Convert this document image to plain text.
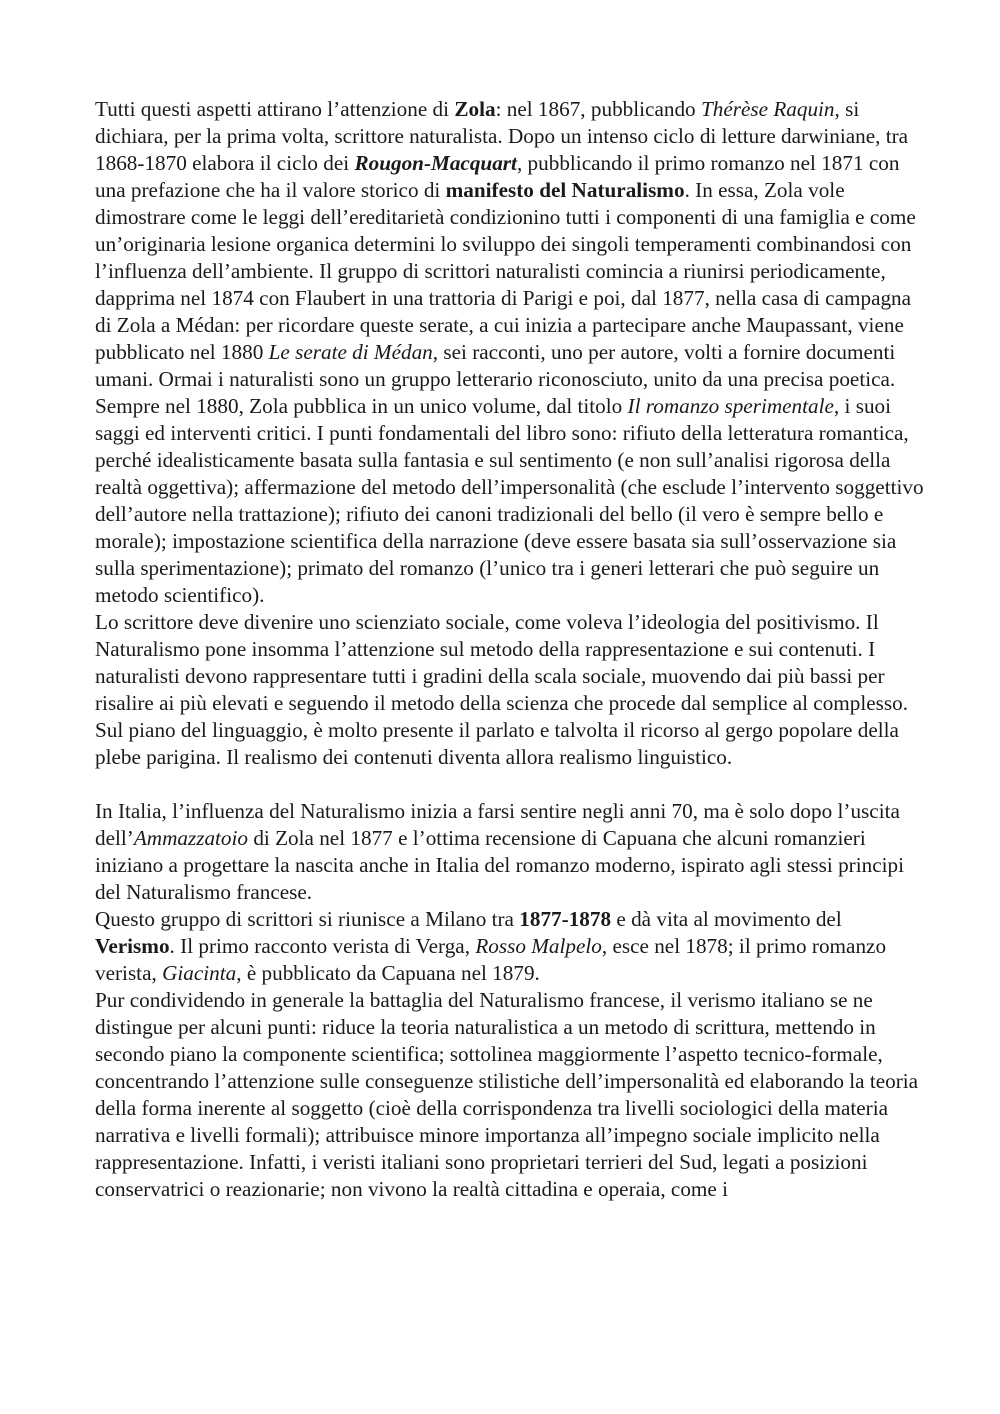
Tutti questi aspetti attirano l’attenzione di Zola: nel 1867, pubblicando Thérèse Raquin, si dichiara, per la prima volta, scrittore naturalista. Dopo un intenso ciclo di letture darwiniane, tra 1868-1870 elabora il ciclo dei Rougon-Macquart, pubblicando il primo romanzo nel 1871 con una prefazione che ha il valore storico di manifesto del Naturalismo. In essa, Zola vole dimostrare come le leggi dell’ereditarietà condizionino tutti i componenti di una famiglia e come un’originaria lesione organica determini lo sviluppo dei singoli temperamenti combinandosi con l’influenza dell’ambiente. Il gruppo di scrittori naturalisti comincia a riunirsi periodicamente, dapprima nel 1874 con Flaubert in una trattoria di Parigi e poi, dal 1877, nella casa di campagna di Zola a Médan: per ricordare queste serate, a cui inizia a partecipare anche Maupassant, viene pubblicato nel 1880 Le serate di Médan, sei racconti, uno per autore, volti a fornire documenti umani. Ormai i naturalisti sono un gruppo letterario riconosciuto, unito da una precisa poetica. Sempre nel 1880, Zola pubblica in un unico volume, dal titolo Il romanzo sperimentale, i suoi saggi ed interventi critici. I punti fondamentali del libro sono: rifiuto della letteratura romantica, perché idealisticamente basata sulla fantasia e sul sentimento (e non sull’analisi rigorosa della realtà oggettiva); affermazione del metodo dell’impersonalità (che esclude l’intervento soggettivo dell’autore nella trattazione); rifiuto dei canoni tradizionali del bello (il vero è sempre bello e morale); impostazione scientifica della narrazione (deve essere basata sia sull’osservazione sia sulla sperimentazione); primato del romanzo (l’unico tra i generi letterari che può seguire un metodo scientifico).

Lo scrittore deve divenire uno scienziato sociale, come voleva l’ideologia del positivismo. Il Naturalismo pone insomma l’attenzione sul metodo della rappresentazione e sui contenuti. I naturalisti devono rappresentare tutti i gradini della scala sociale, muovendo dai più bassi per risalire ai più elevati e seguendo il metodo della scienza che procede dal semplice al complesso. Sul piano del linguaggio, è molto presente il parlato e talvolta il ricorso al gergo popolare della plebe parigina. Il realismo dei contenuti diventa allora realismo linguistico.

In Italia, l’influenza del Naturalismo inizia a farsi sentire negli anni 70, ma è solo dopo l’uscita dell’Ammazzatoio di Zola nel 1877 e l’ottima recensione di Capuana che alcuni romanzieri iniziano a progettare la nascita anche in Italia del romanzo moderno, ispirato agli stessi principi del Naturalismo francese.

Questo gruppo di scrittori si riunisce a Milano tra 1877-1878 e dà vita al movimento del Verismo. Il primo racconto verista di Verga, Rosso Malpelo, esce nel 1878; il primo romanzo verista, Giacinta, è pubblicato da Capuana nel 1879.

Pur condividendo in generale la battaglia del Naturalismo francese, il verismo italiano se ne distingue per alcuni punti: riduce la teoria naturalistica a un metodo di scrittura, mettendo in secondo piano la componente scientifica; sottolinea maggiormente l’aspetto tecnico-formale, concentrando l’attenzione sulle conseguenze stilistiche dell’impersonalità ed elaborando la teoria della forma inerente al soggetto (cioè della corrispondenza tra livelli sociologici della materia narrativa e livelli formali); attribuisce minore importanza all’impegno sociale implicito nella rappresentazione. Infatti, i veristi italiani sono proprietari terrieri del Sud, legati a posizioni conservatrici o reazionarie; non vivono la realtà cittadina e operaia, come i
